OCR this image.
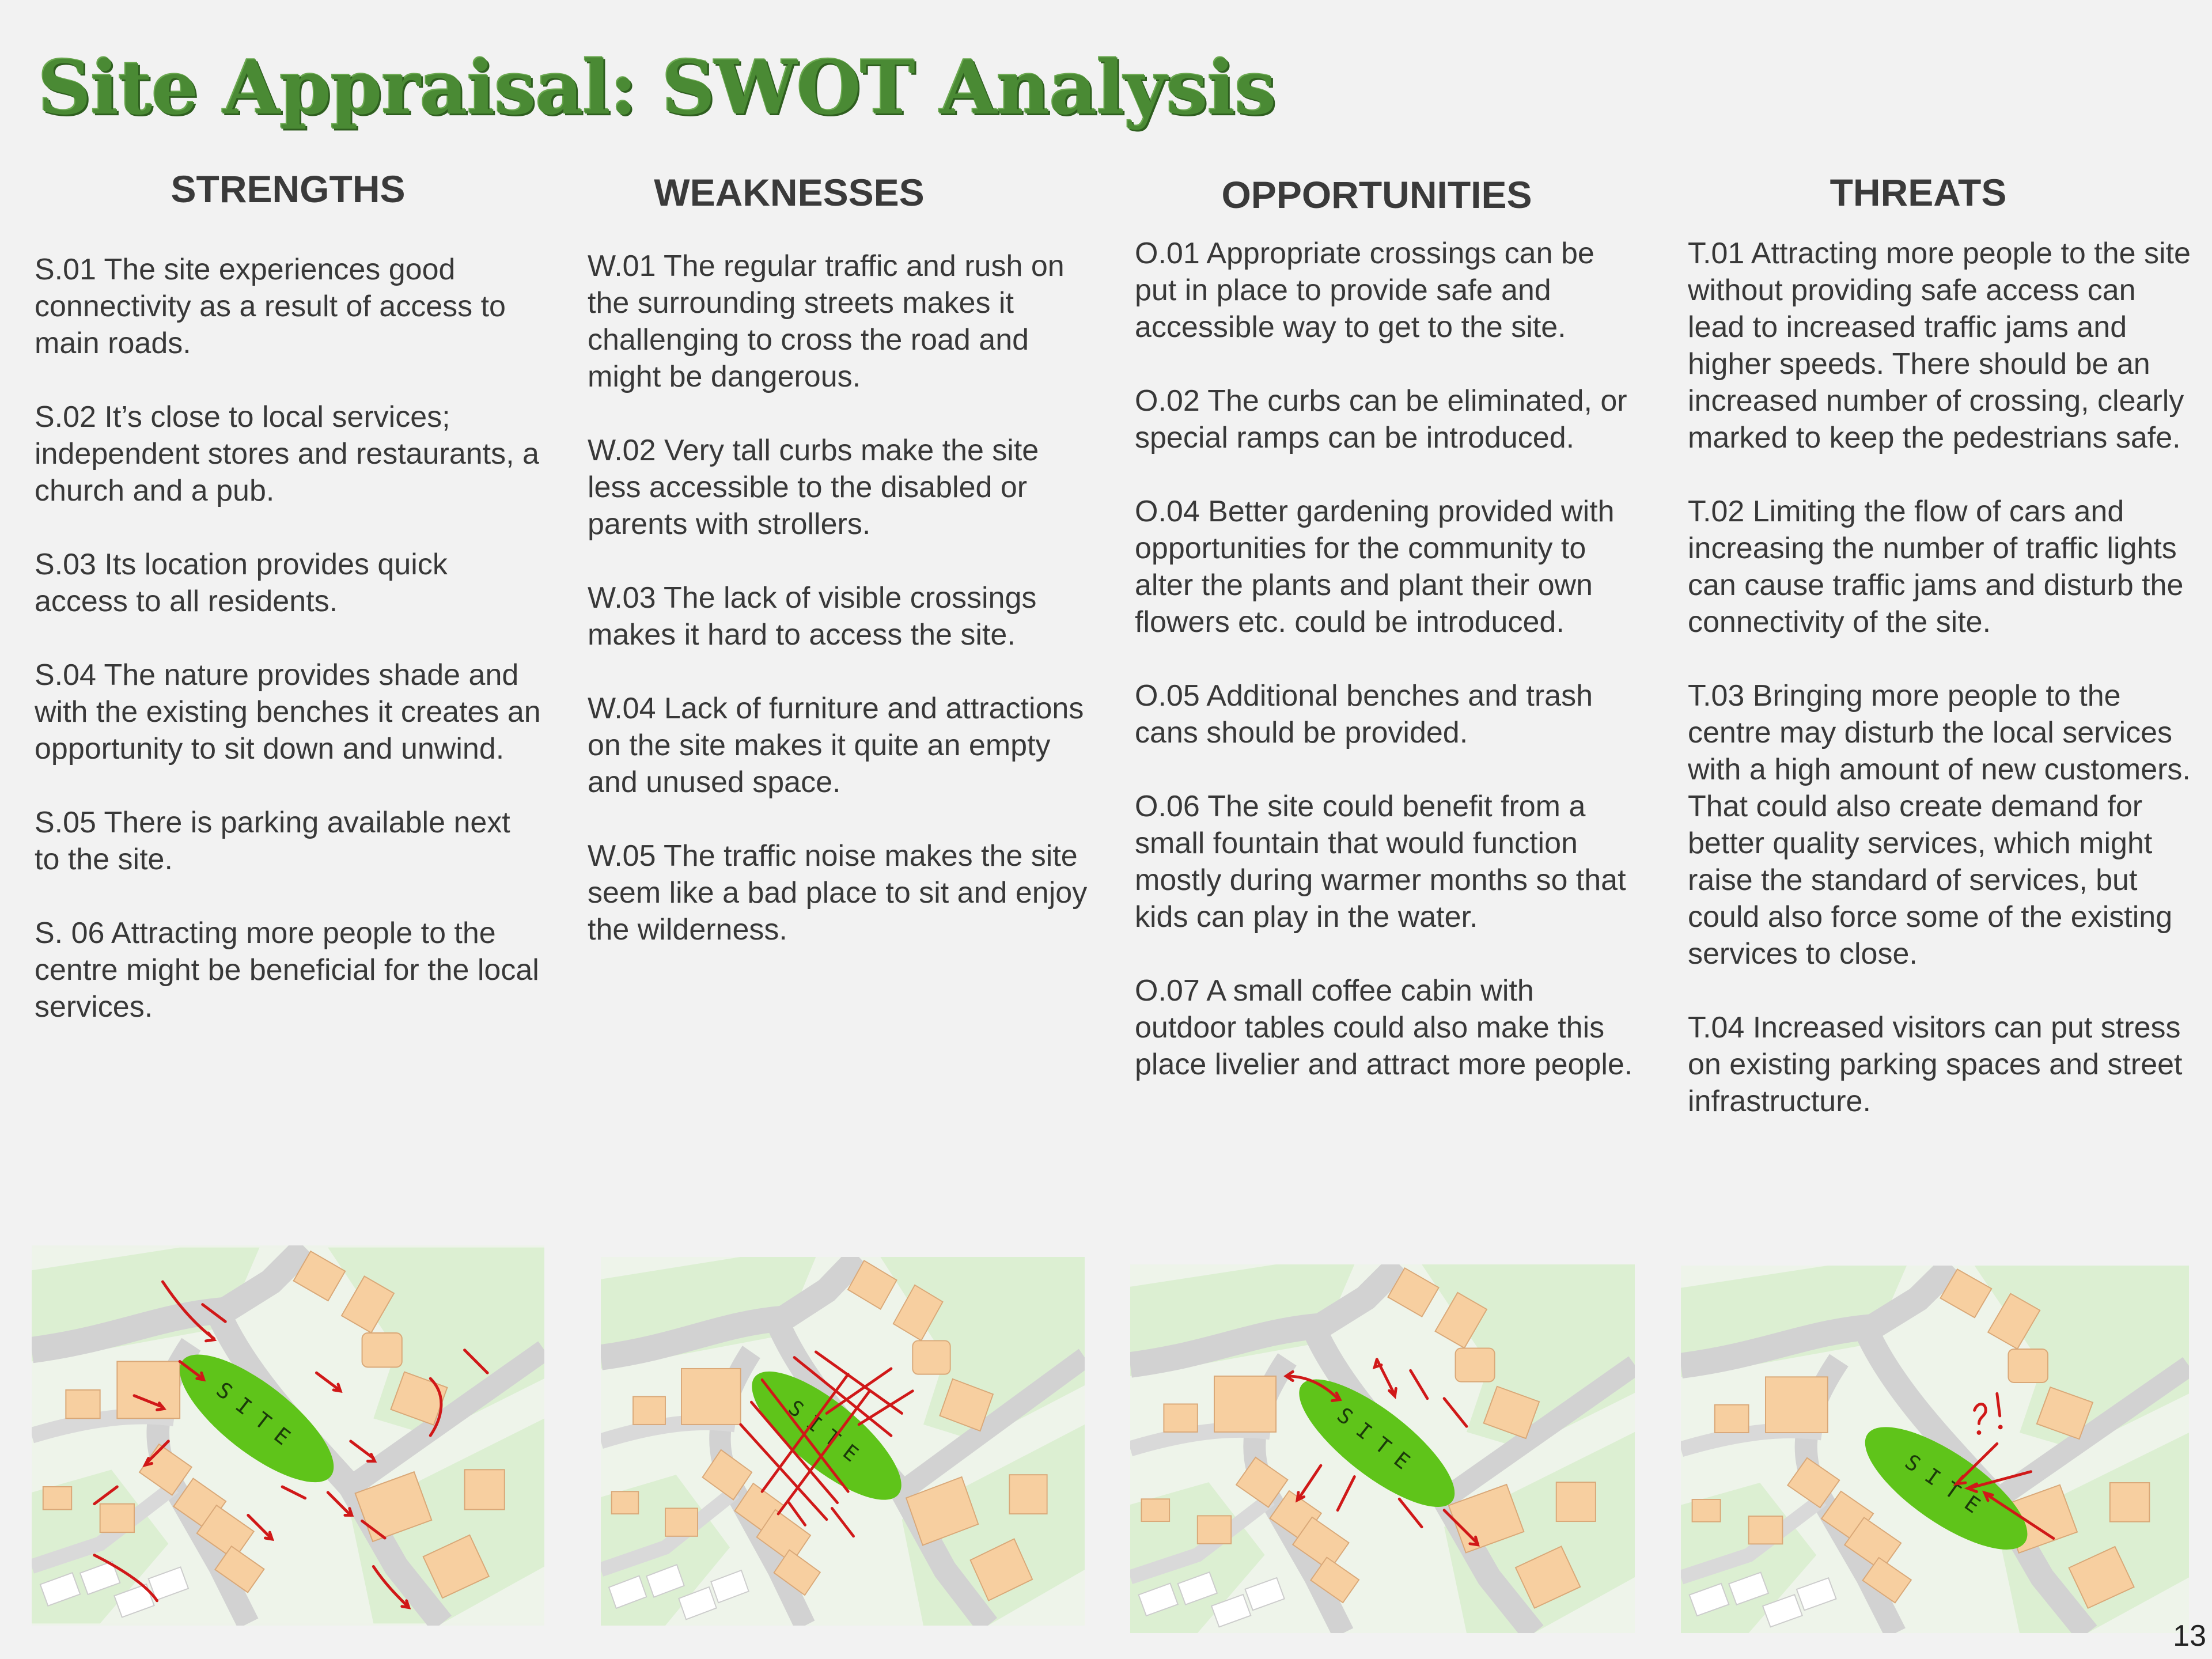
Site Appraisal: SWOT Analysis
STRENGTHS

S.01 The site experiences good connectivity as a result of access to main roads.

S.02 It’s close to local services; independent stores and restaurants, a church and a pub.

S.03 Its location provides quick access to all residents.

S.04 The nature provides shade and with the existing benches it creates an opportunity to sit down and unwind.

S.05 There is parking available next to the site.

S. 06 Attracting more people to the centre might be beneficial for the local services.

WEAKNESSES

W.01 The regular traffic and rush on the surrounding streets makes it challenging to cross the road and might be dangerous.

W.02 Very tall curbs make the site less accessible to the disabled or parents with strollers.

W.03 The lack of visible crossings makes it hard to access the site.

W.04 Lack of furniture and attractions on the site makes it quite an empty and unused space.

W.05 The traffic noise makes the site seem like a bad place to sit and enjoy the wilderness.

OPPORTUNITIES

O.01 Appropriate crossings can be put in place to provide safe and accessible way to get to the site.

O.02 The curbs can be eliminated, or special ramps can be introduced.

O.04 Better gardening provided with opportunities for the community to alter the plants and plant their own flowers etc. could be introduced.

O.05 Additional benches and trash cans should be provided.

O.06 The site could benefit from a small fountain that would function mostly during warmer months so that kids can play in the water.

O.07 A small coffee cabin with outdoor tables could also make this place livelier and attract more people.

THREATS

T.01 Attracting more people to the site without providing safe access can lead to increased traffic jams and higher speeds. There should be an increased number of crossing, clearly marked to keep the pedestrians safe.

T.02 Limiting the flow of cars and increasing the number of traffic lights can cause traffic jams and disturb the connectivity of the site.

T.03 Bringing more people to the centre may disturb the local services with a high amount of new customers. That could also create demand for better quality services, which might raise the standard of services, but could also force some of the existing services to close.

T.04 Increased visitors can put stress on existing parking spaces and street infrastructure.

SITE	SITE	SITE
SITE
13
